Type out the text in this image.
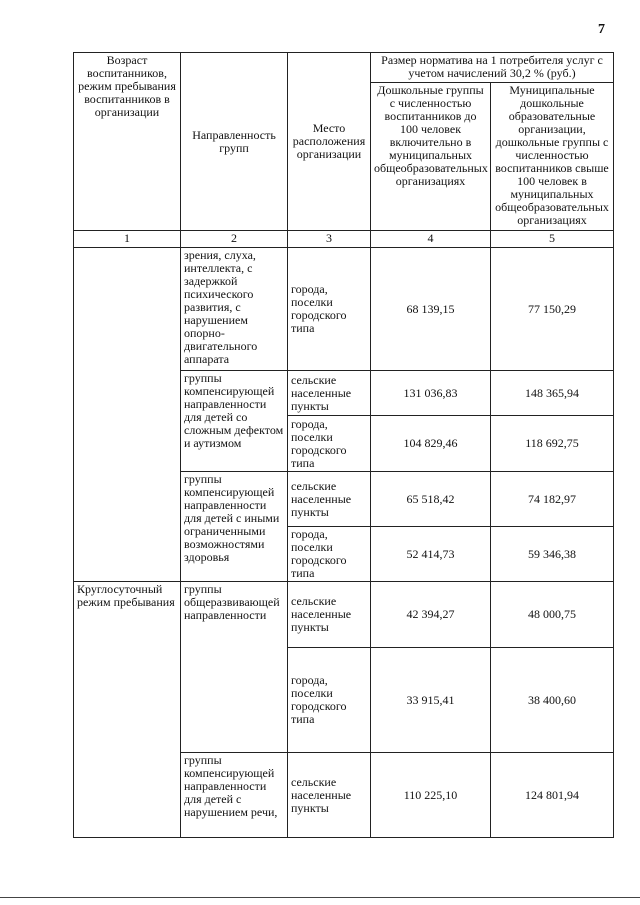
7
Возраст воспитанников, режим пребывания воспитанников в организации	Направленность групп	Место расположения организации	Размер норматива на 1 потребителя услуг с учетом начислений 30,2 % (руб.)	
			Дошкольные группы с численностью воспитанников до 100 человек включительно в муниципальных общеобразовательных организациях	Муниципальные дошкольные образовательные организации, дошкольные группы с численностью воспитанников свыше 100 человек в муниципальных общеобразовательных организациях
1	2	3	4	5
	зрения, слуха, интеллекта, с задержкой психического развития, с нарушением опорно-двигательного аппарата	города, поселки городского типа	68 139,15	77 150,29
	группы компенсирующей направленности для детей со сложным дефектом и аутизмом	сельские населенные пункты	131 036,83	148 365,94
		города, поселки городского типа	104 829,46	118 692,75
	группы компенсирующей направленности для детей с иными ограниченными возможностями здоровья	сельские населенные пункты	65 518,42	74 182,97
		города, поселки городского типа	52 414,73	59 346,38
Круглосуточный режим пребывания	группы общеразвивающей направленности	сельские населенные пункты	42 394,27	48 000,75
		города, поселки городского типа	33 915,41	38 400,60
	группы компенсирующей направленности для детей с нарушением речи,	сельские населенные пункты	110 225,10	124 801,94
